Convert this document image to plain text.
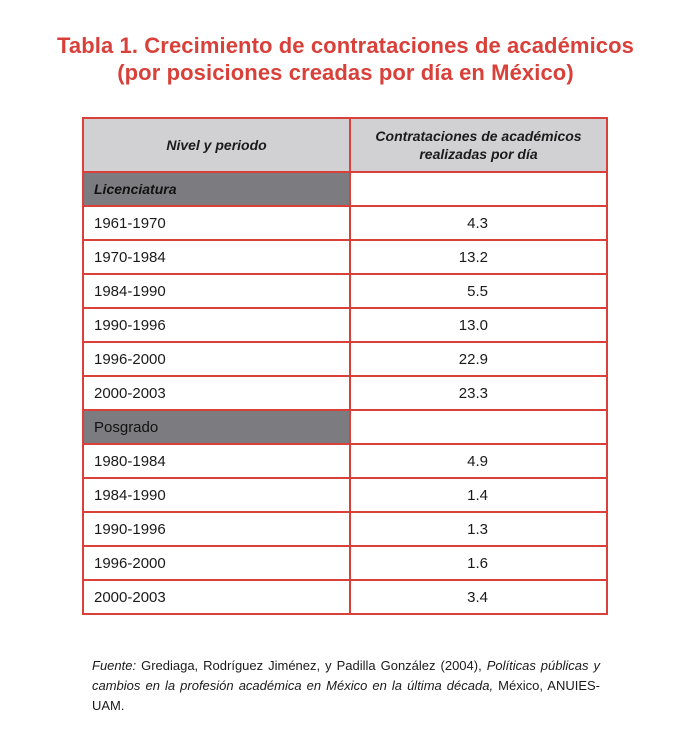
Tabla 1. Crecimiento de contrataciones de académicos
(por posiciones creadas por día en México)
Nivel y periodo	Contrataciones de académicos
realizadas por día

Licenciatura	
1961-1970	4.3
1970-1984	13.2
1984-1990	5.5
1990-1996	13.0
1996-2000	22.9
2000-2003	23.3
Posgrado	
1980-1984	4.9
1984-1990	1.4
1990-1996	1.3
1996-2000	1.6
2000-2003	3.4
Fuente: Grediaga, Rodríguez Jiménez, y Padilla González (2004), Políticas públicas y cambios en la profesión académica en México en la última década, México, ANUIES-UAM.
